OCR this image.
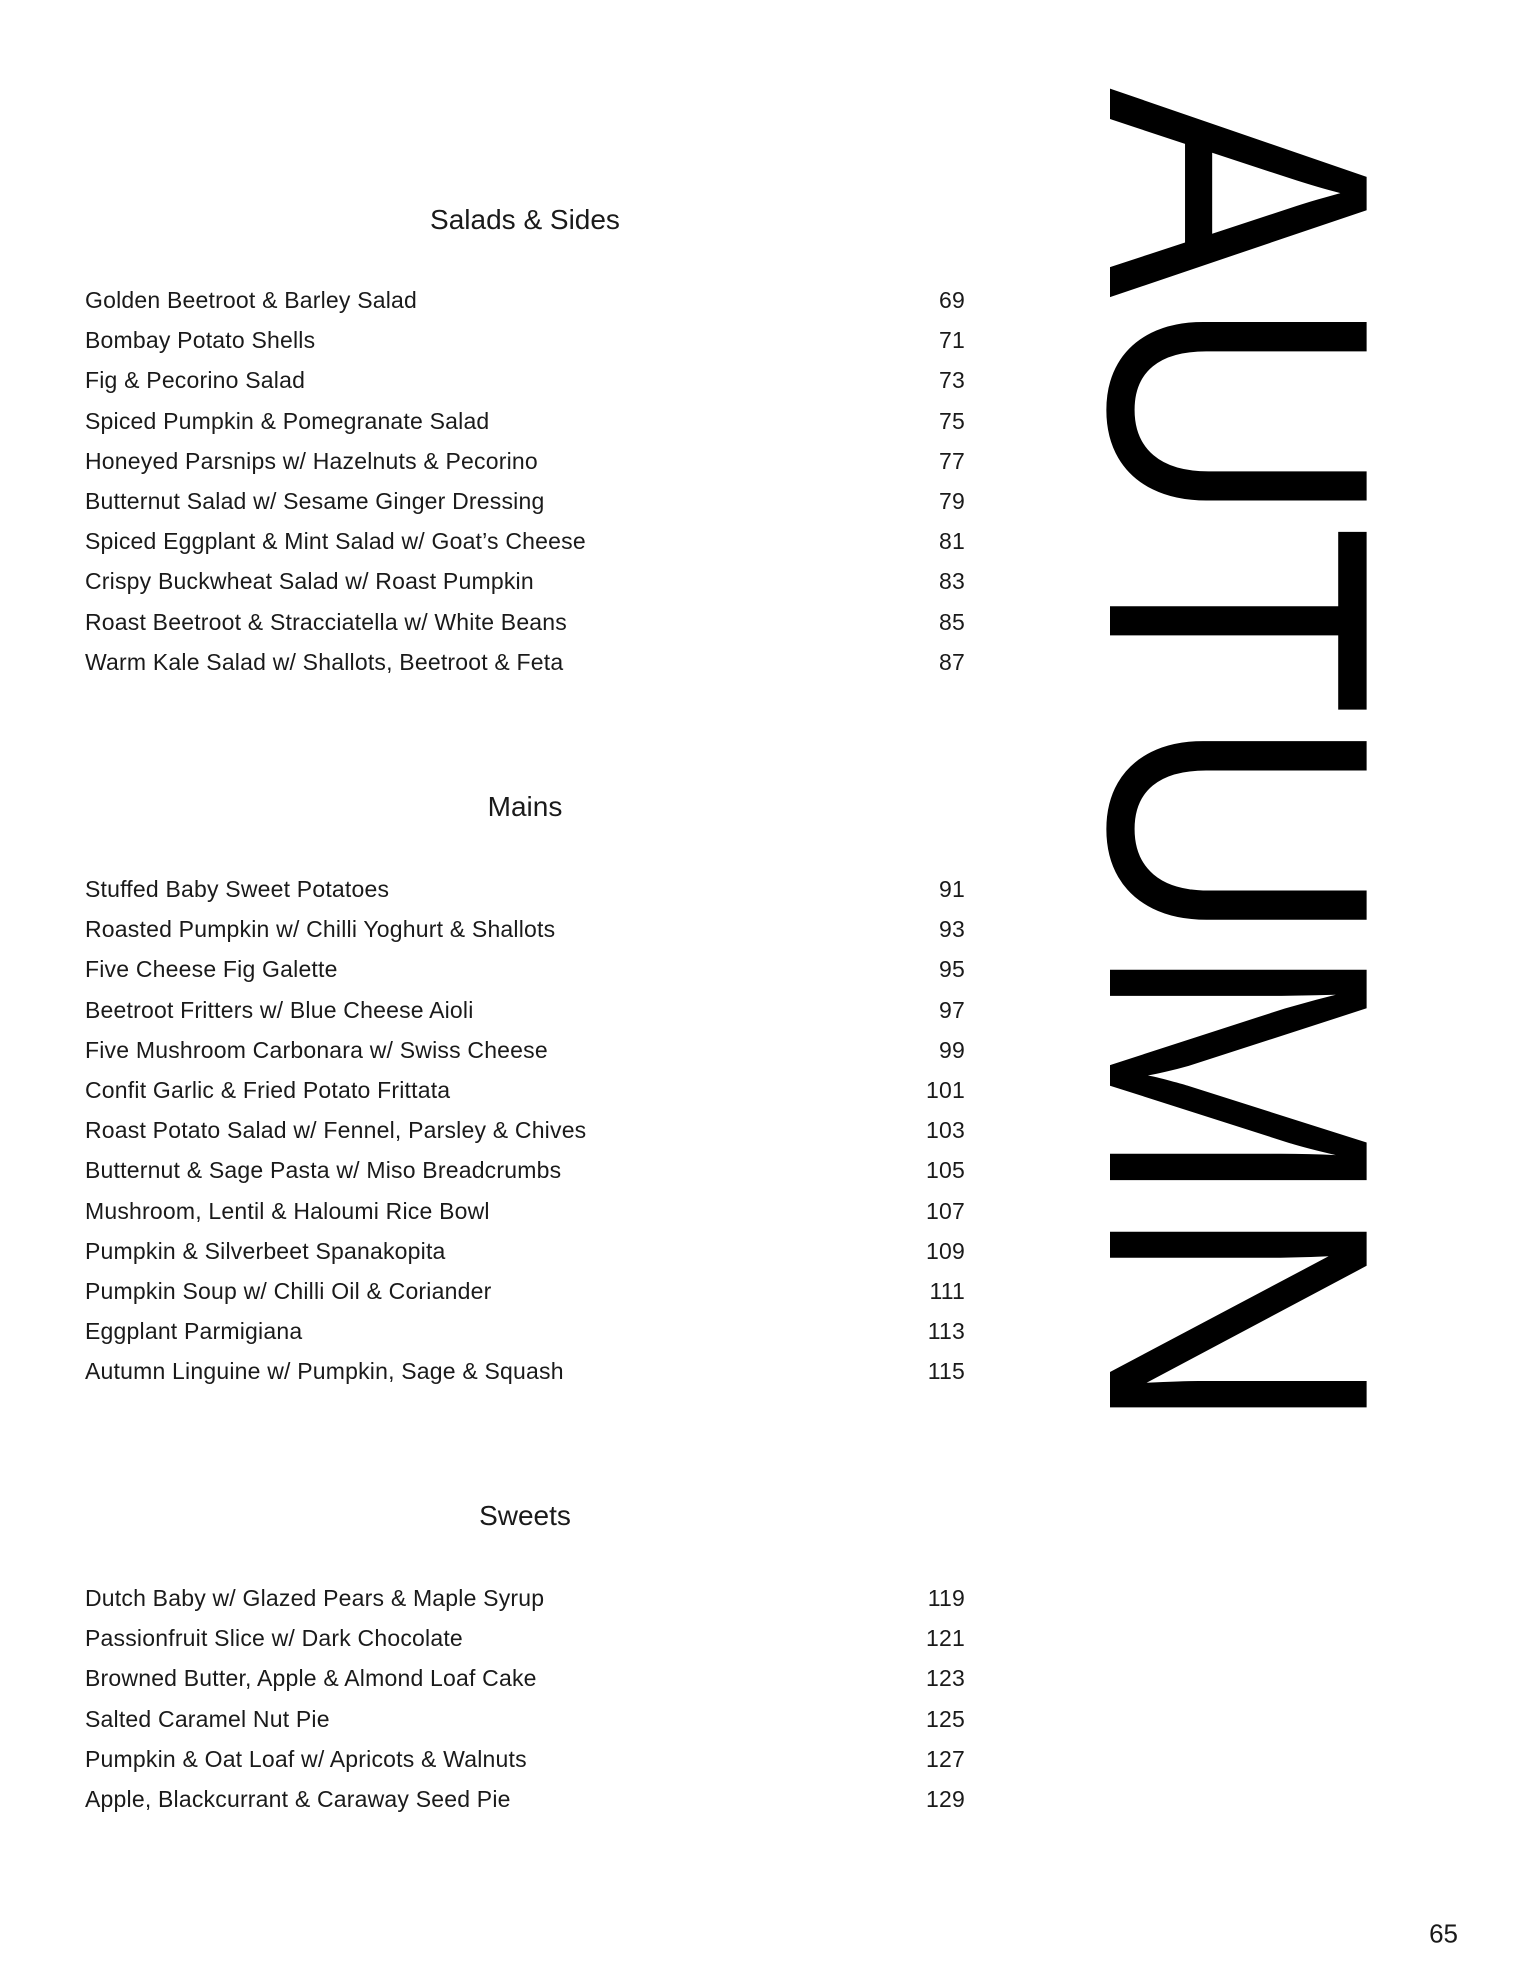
Salads & Sides
Golden Beetroot & Barley Salad .....	69
Bombay Potato Shells .....	71
Fig & Pecorino Salad .....	73
Spiced Pumpkin & Pomegranate Salad .....	75
Honeyed Parsnips w/ Hazelnuts & Pecorino .....	77
Butternut Salad w/ Sesame Ginger Dressing .....	79
Spiced Eggplant & Mint Salad w/ Goat’s Cheese .....	81
Crispy Buckwheat Salad w/ Roast Pumpkin .....	83
Roast Beetroot & Stracciatella w/ White Beans .....	85
Warm Kale Salad w/ Shallots, Beetroot & Feta .....	87
Mains
Stuffed Baby Sweet Potatoes .....	91
Roasted Pumpkin w/ Chilli Yoghurt & Shallots .....	93
Five Cheese Fig Galette .....	95
Beetroot Fritters w/ Blue Cheese Aioli .....	97
Five Mushroom Carbonara w/ Swiss Cheese .....	99
Confit Garlic & Fried Potato Frittata .....	101
Roast Potato Salad w/ Fennel, Parsley & Chives .....	103
Butternut & Sage Pasta w/ Miso Breadcrumbs .....	105
Mushroom, Lentil & Haloumi Rice Bowl .....	107
Pumpkin & Silverbeet Spanakopita .....	109
Pumpkin Soup w/ Chilli Oil & Coriander .....	111
Eggplant Parmigiana .....	113
Autumn Linguine w/ Pumpkin, Sage & Squash .....	115
Sweets
Dutch Baby w/ Glazed Pears & Maple Syrup .....	119
Passionfruit Slice w/ Dark Chocolate .....	121
Browned Butter, Apple & Almond Loaf Cake .....	123
Salted Caramel Nut Pie .....	125
Pumpkin & Oat Loaf w/ Apricots & Walnuts .....	127
Apple, Blackcurrant & Caraway Seed Pie .....	129
AUTUMN
65
